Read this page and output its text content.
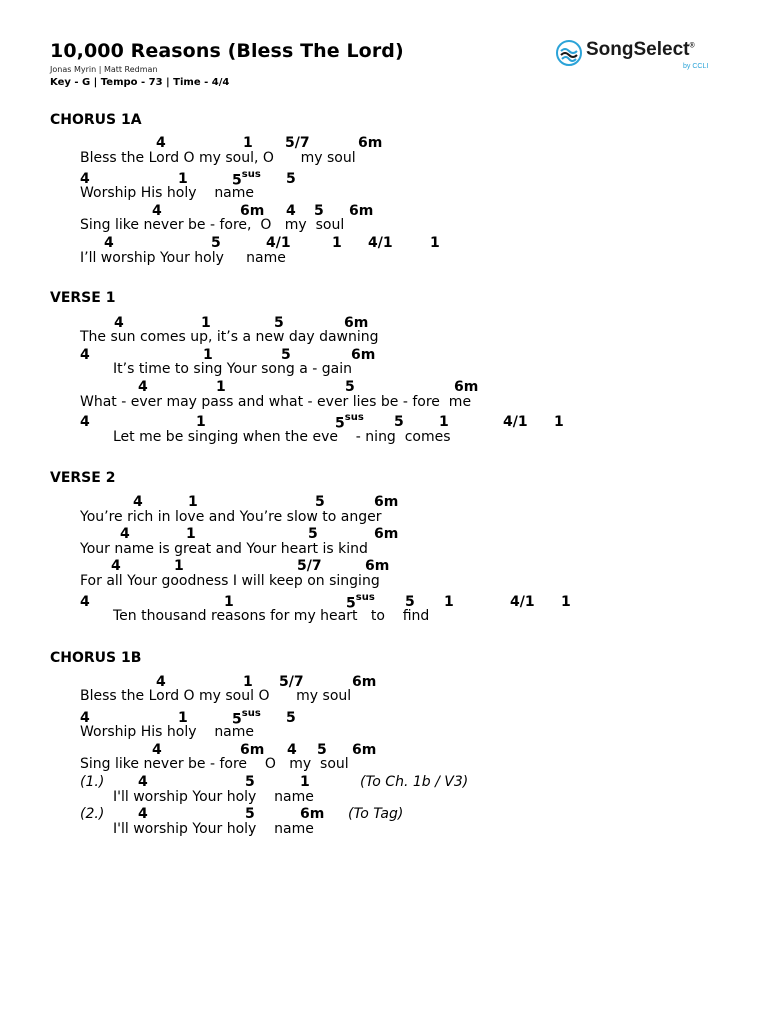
10,000 Reasons (Bless The Lord)
Jonas Myrin | Matt Redman
Key - G | Tempo - 73 | Time - 4/4
SongSelect®
by CCLI
CHORUS 1A
4	1 5/7	6m
Bless the Lord O my soul, O      my soul
4	1	$5^{sus}$ 5
Worship His holy    name
4	6m 4 5 6m
Sing like never be - fore,  O   my  soul
4	5	4/1	1 4/1	1
I’ll worship Your holy     name
VERSE 1
4	1	5	6m
The sun comes up, it’s a new day dawning
4	1	5	6m
It’s time to sing Your song a - gain
4	1	5	6m
What - ever may pass and what - ever lies be - fore  me
4	1	$5^{sus}$ 5	1	4/1 1
Let me be singing when the eve    - ning  comes
VERSE 2
4	1	5	6m
You’re rich in love and You’re slow to anger
4	1	5	6m
Your name is great and Your heart is kind
4	1	5/7	6m
For all Your goodness I will keep on singing
4	1	$5^{sus}$ 5 1	4/1 1
Ten thousand reasons for my heart   to    find
CHORUS 1B
4	1 5/7	6m
Bless the Lord O my soul O      my soul
4	1	$5^{sus}$ 5
Worship His holy    name
4	6m 4 5 6m
Sing like never be - fore    O   my  soul
(1.) 4	5	1	(To Ch. 1b / V3)
I'll worship Your holy    name
(2.) 4	5	6m (To Tag)
I'll worship Your holy    name
